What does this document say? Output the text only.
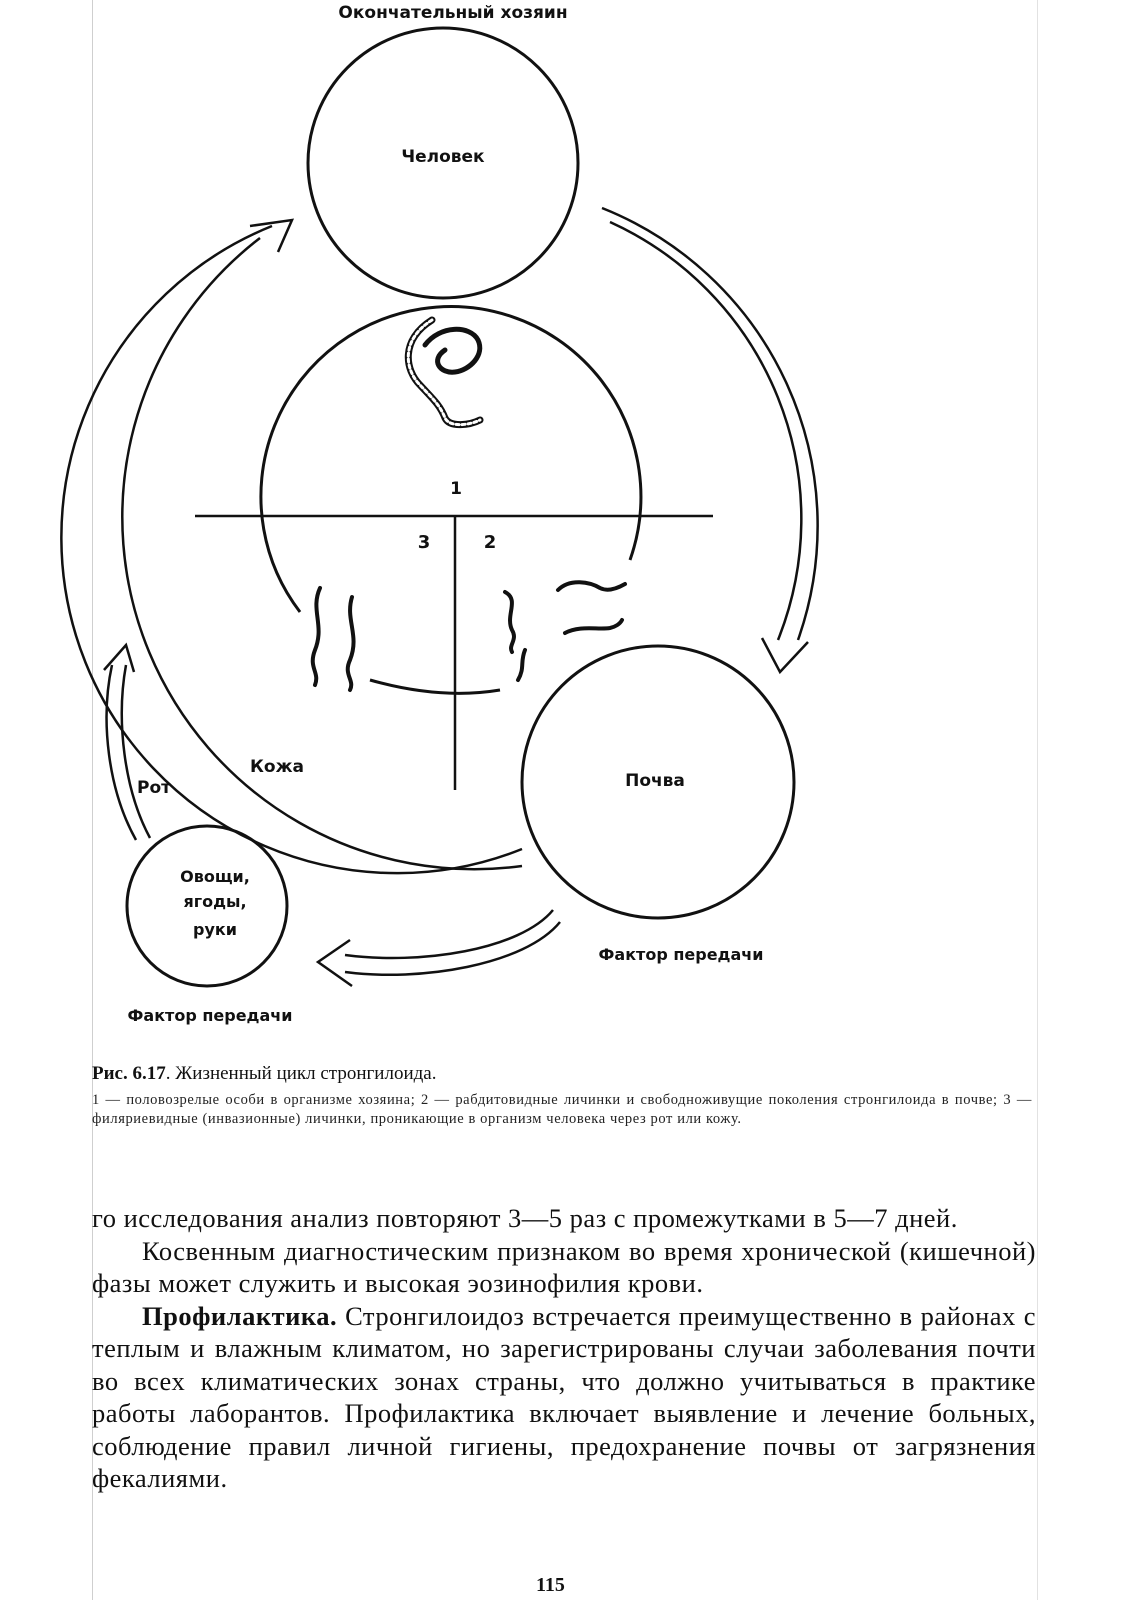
Окончательный хозяин
Человек
1
3	2
Почва
Фактор передачи
Овощи,
ягоды,
руки
Фактор передачи
Рот
Кожа

Рис. 6.17. Жизненный цикл стронгилоида.

1 — половозрелые особи в организме хозяина; 2 — рабдитовидные личинки и свободноживущие поколения стронгилоида в почве; 3 — филяриевидные (инвазионные) личинки, проникающие в организм человека через рот или кожу.

го исследования анализ повторяют 3—5 раз с промежутками в 5—7 дней.

Косвенным диагностическим признаком во время хронической (кишечной) фазы может служить и высокая эозинофилия крови.

Профилактика. Стронгилоидоз встречается преимущественно в районах с теплым и влажным климатом, но зарегистрированы случаи заболевания почти во всех климатических зонах страны, что должно учитываться в практике работы лаборантов. Профилактика включает выявление и лечение больных, соблюдение правил личной гигиены, предохранение почвы от загрязнения фекалиями.

115
